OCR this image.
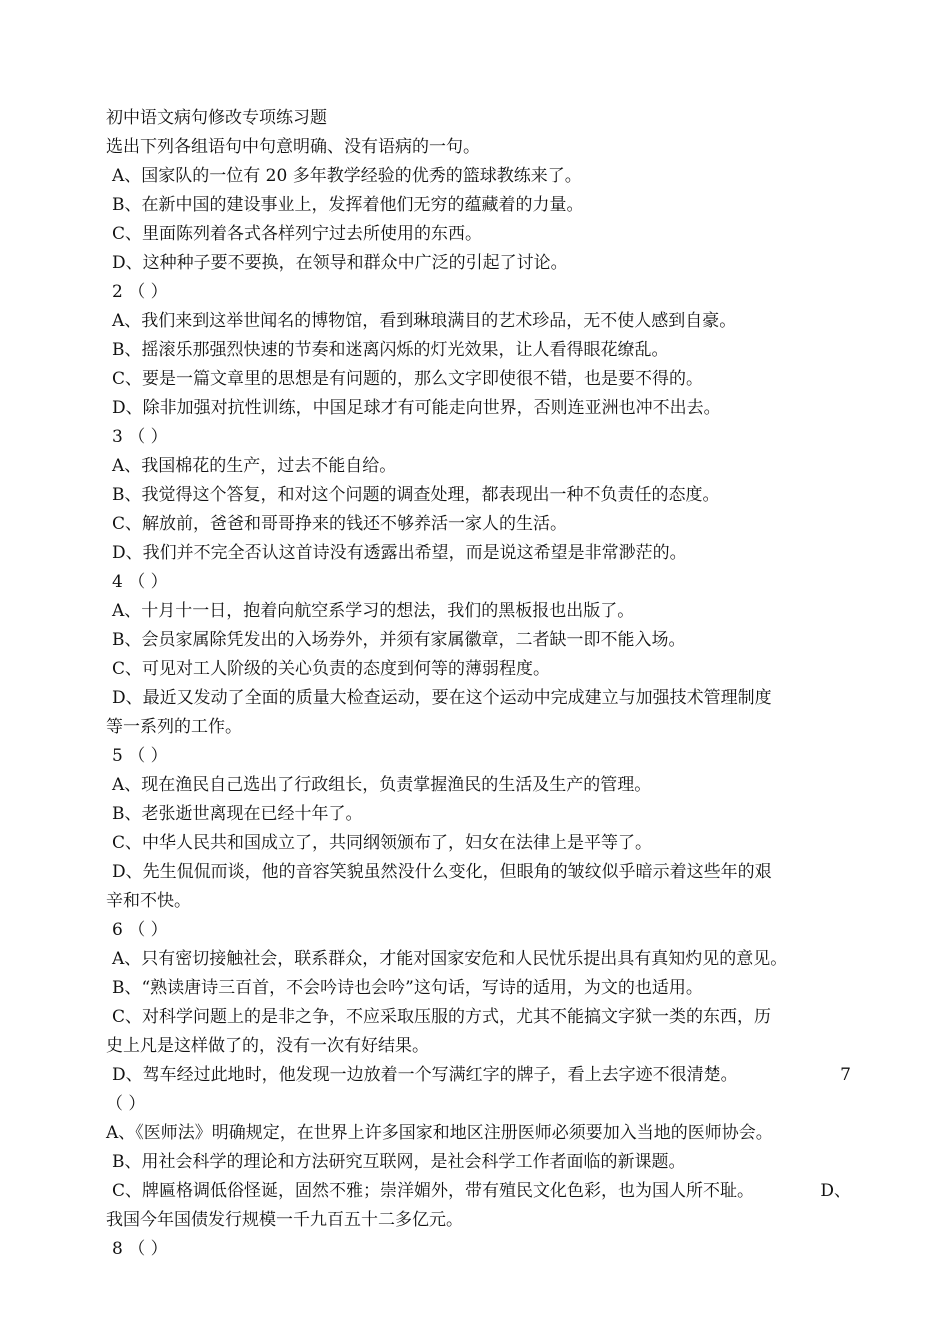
初中语文病句修改专项练习题
选出下列各组语句中句意明确、没有语病的一句。
A、国家队的一位有 20 多年教学经验的优秀的篮球教练来了。
B、在新中国的建设事业上，发挥着他们无穷的蕴藏着的力量。
C、里面陈列着各式各样列宁过去所使用的东西。
D、这种种子要不要换，在领导和群众中广泛的引起了讨论。
2 （ ）
A、我们来到这举世闻名的博物馆，看到琳琅满目的艺术珍品，无不使人感到自豪。
B、摇滚乐那强烈快速的节奏和迷离闪烁的灯光效果，让人看得眼花缭乱。
C、要是一篇文章里的思想是有问题的，那么文字即使很不错，也是要不得的。
D、除非加强对抗性训练，中国足球才有可能走向世界，否则连亚洲也冲不出去。
3 （ ）
A、我国棉花的生产，过去不能自给。
B、我觉得这个答复，和对这个问题的调查处理，都表现出一种不负责任的态度。
C、解放前，爸爸和哥哥挣来的钱还不够养活一家人的生活。
D、我们并不完全否认这首诗没有透露出希望，而是说这希望是非常渺茫的。
4 （ ）
A、十月十一日，抱着向航空系学习的想法，我们的黑板报也出版了。
B、会员家属除凭发出的入场券外，并须有家属徽章，二者缺一即不能入场。
C、可见对工人阶级的关心负责的态度到何等的薄弱程度。
D、最近又发动了全面的质量大检查运动，要在这个运动中完成建立与加强技术管理制度
等一系列的工作。
5 （ ）
A、现在渔民自己选出了行政组长，负责掌握渔民的生活及生产的管理。
B、老张逝世离现在已经十年了。
C、中华人民共和国成立了，共同纲领颁布了，妇女在法律上是平等了。
D、先生侃侃而谈，他的音容笑貌虽然没什么变化，但眼角的皱纹似乎暗示着这些年的艰
辛和不快。
6 （ ）
A、只有密切接触社会，联系群众，才能对国家安危和人民忧乐提出具有真知灼见的意见。
B、“熟读唐诗三百首，不会吟诗也会吟”这句话，写诗的适用，为文的也适用。
C、对科学问题上的是非之争，不应采取压服的方式，尤其不能搞文字狱一类的东西，历
史上凡是这样做了的，没有一次有好结果。
D、驾车经过此地时，他发现一边放着一个写满红字的牌子，看上去字迹不很清楚。	7
（ ）
A、《医师法》明确规定，在世界上许多国家和地区注册医师必须要加入当地的医师协会。
B、用社会科学的理论和方法研究互联网，是社会科学工作者面临的新课题。
C、牌匾格调低俗怪诞，固然不雅；崇洋媚外，带有殖民文化色彩，也为国人所不耻。	D、
我国今年国债发行规模一千九百五十二多亿元。
8 （ ）
